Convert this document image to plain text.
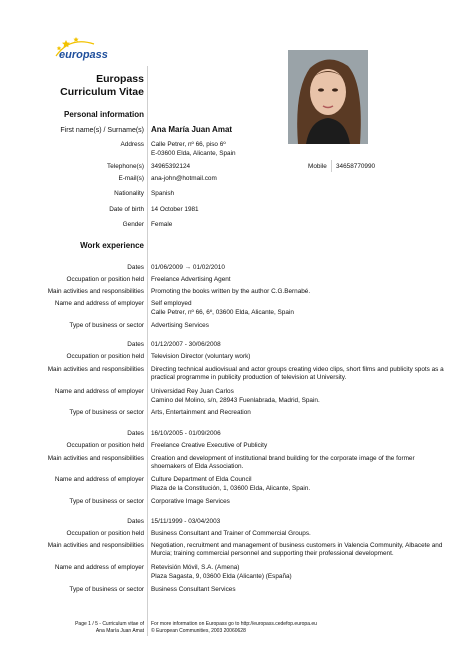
europass
Europass
Curriculum Vitae
Personal information
First name(s) / Surname(s) Ana María Juan Amat
Address Calle Petrer, nº 66, piso 6º
E-03600 Elda, Alicante, Spain
Telephone(s) 34965392124	Mobile 34658770990
E-mail(s) ana-john@hotmail.com
Nationality Spanish
Date of birth 14 October 1981
Gender Female
Work experience
Dates 01/06/2009 → 01/02/2010
Occupation or position held Freelance Advertising Agent
Main activities and responsibilities Promoting the books written by the author C.G.Bernabé.
Name and address of employer Self employed
Calle Petrer, nº 66, 6º, 03600 Elda, Alicante, Spain
Type of business or sector Advertising Services
Dates 01/12/2007 - 30/06/2008
Occupation or position held Television Director (voluntary work)
Main activities and responsibilities Directing technical audiovisual and actor groups creating video clips, short films and publicity spots as a practical programme in publicity production of television at University.
Name and address of employer Universidad Rey Juan Carlos
Camino del Molino, s/n, 28943 Fuenlabrada, Madrid, Spain.
Type of business or sector Arts, Entertainment and Recreation
Dates 16/10/2005 - 01/09/2006
Occupation or position held Freelance Creative Executive of Publicity
Main activities and responsibilities Creation and development of institutional brand building for the corporate image of the former shoemakers of Elda Association.
Name and address of employer Culture Department of Elda Council
Plaza de la Constitución, 1, 03600 Elda, Alicante, Spain.
Type of business or sector Corporative Image Services
Dates 15/11/1999 - 03/04/2003
Occupation or position held Business Consultant and Trainer of Commercial Groups.
Main activities and responsibilities Negotiation, recruitment and management of business customers in Valencia Community, Albacete and Murcia; training commercial personnel and supporting their professional development.
Name and address of employer Retevisión Móvil, S.A. (Amena)
Plaza Sagasta, 9, 03600 Elda (Alicante) (España)
Type of business or sector Business Consultant Services
Page 1 / 5 - Curriculum vitae of
Ana María Juan Amat
For more information on Europass go to http://europass.cedefop.europa.eu
© European Communities, 2003 20060628
